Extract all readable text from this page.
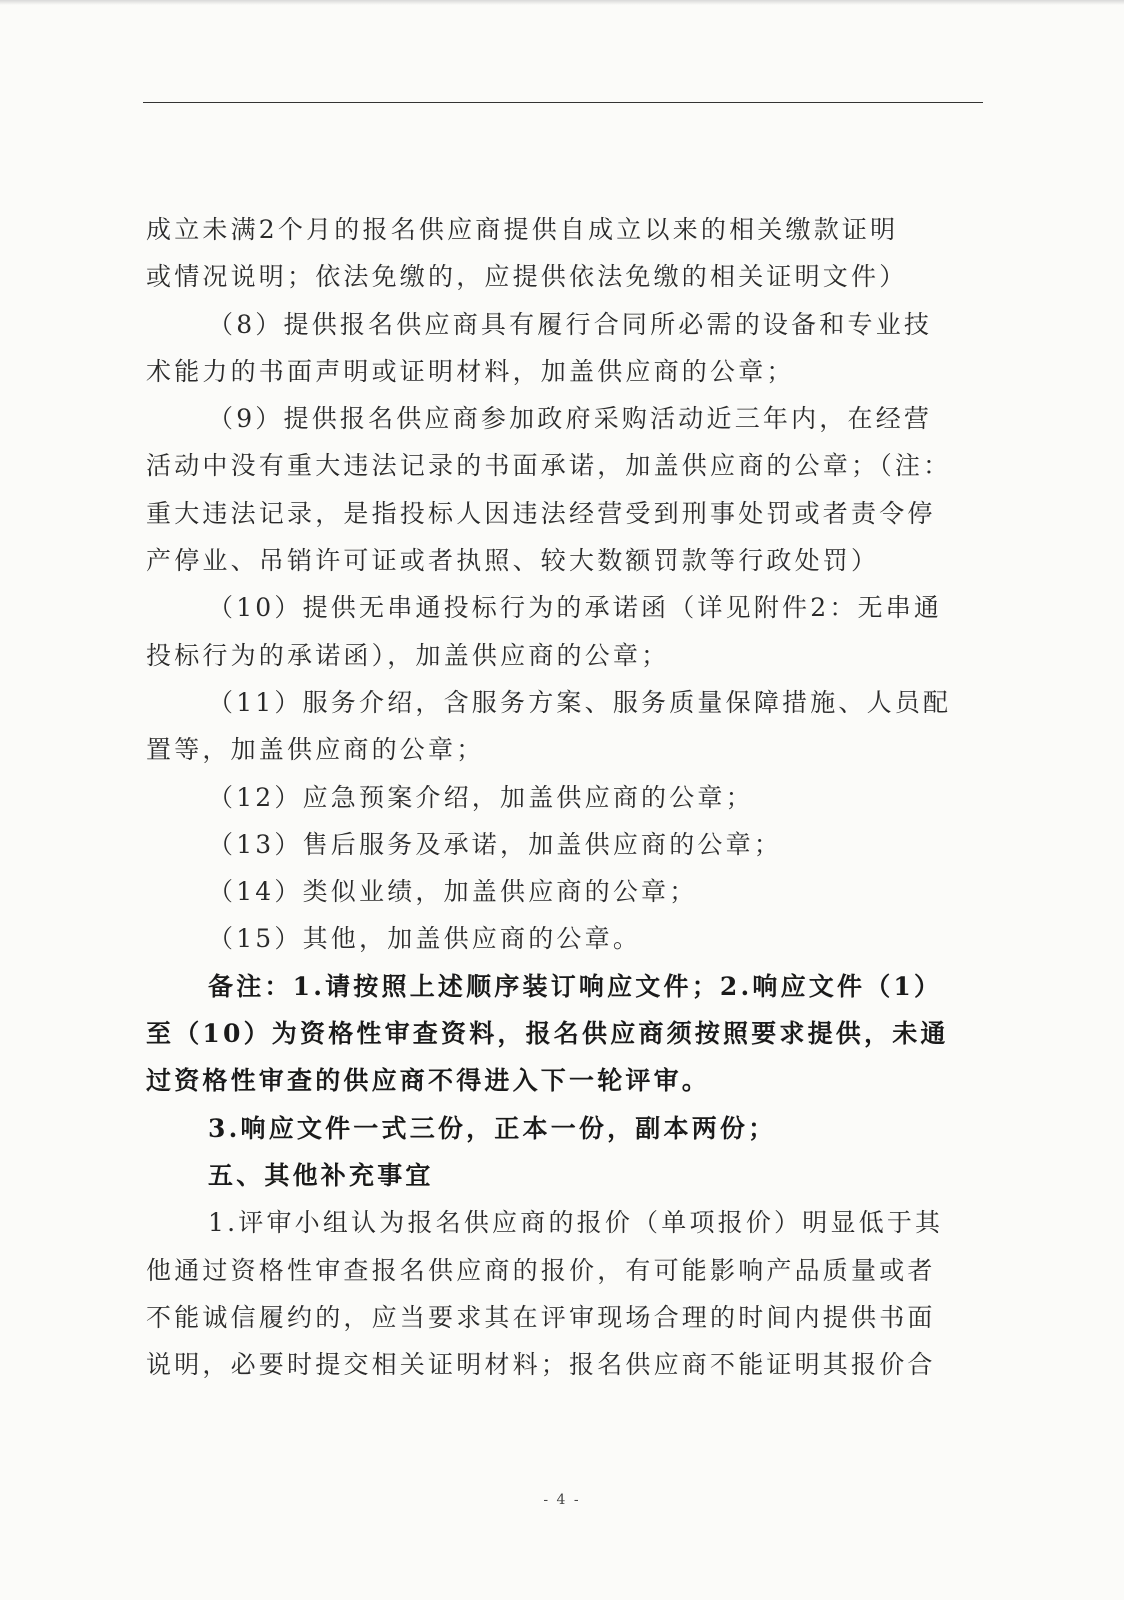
成立未满2个月的报名供应商提供自成立以来的相关缴款证明
或情况说明；依法免缴的，应提供依法免缴的相关证明文件）
（8）提供报名供应商具有履行合同所必需的设备和专业技
术能力的书面声明或证明材料，加盖供应商的公章；
（9）提供报名供应商参加政府采购活动近三年内，在经营
活动中没有重大违法记录的书面承诺，加盖供应商的公章；（注：
重大违法记录，是指投标人因违法经营受到刑事处罚或者责令停
产停业、吊销许可证或者执照、较大数额罚款等行政处罚）
（10）提供无串通投标行为的承诺函（详见附件2：无串通
投标行为的承诺函），加盖供应商的公章；
（11）服务介绍，含服务方案、服务质量保障措施、人员配
置等，加盖供应商的公章；
（12）应急预案介绍，加盖供应商的公章；
（13）售后服务及承诺，加盖供应商的公章；
（14）类似业绩，加盖供应商的公章；
（15）其他，加盖供应商的公章。
备注：1.请按照上述顺序装订响应文件；2.响应文件（1）
至（10）为资格性审查资料，报名供应商须按照要求提供，未通
过资格性审查的供应商不得进入下一轮评审。
3.响应文件一式三份，正本一份，副本两份；
五、其他补充事宜
1.评审小组认为报名供应商的报价（单项报价）明显低于其
他通过资格性审查报名供应商的报价，有可能影响产品质量或者
不能诚信履约的，应当要求其在评审现场合理的时间内提供书面
说明，必要时提交相关证明材料；报名供应商不能证明其报价合
- 4 -
